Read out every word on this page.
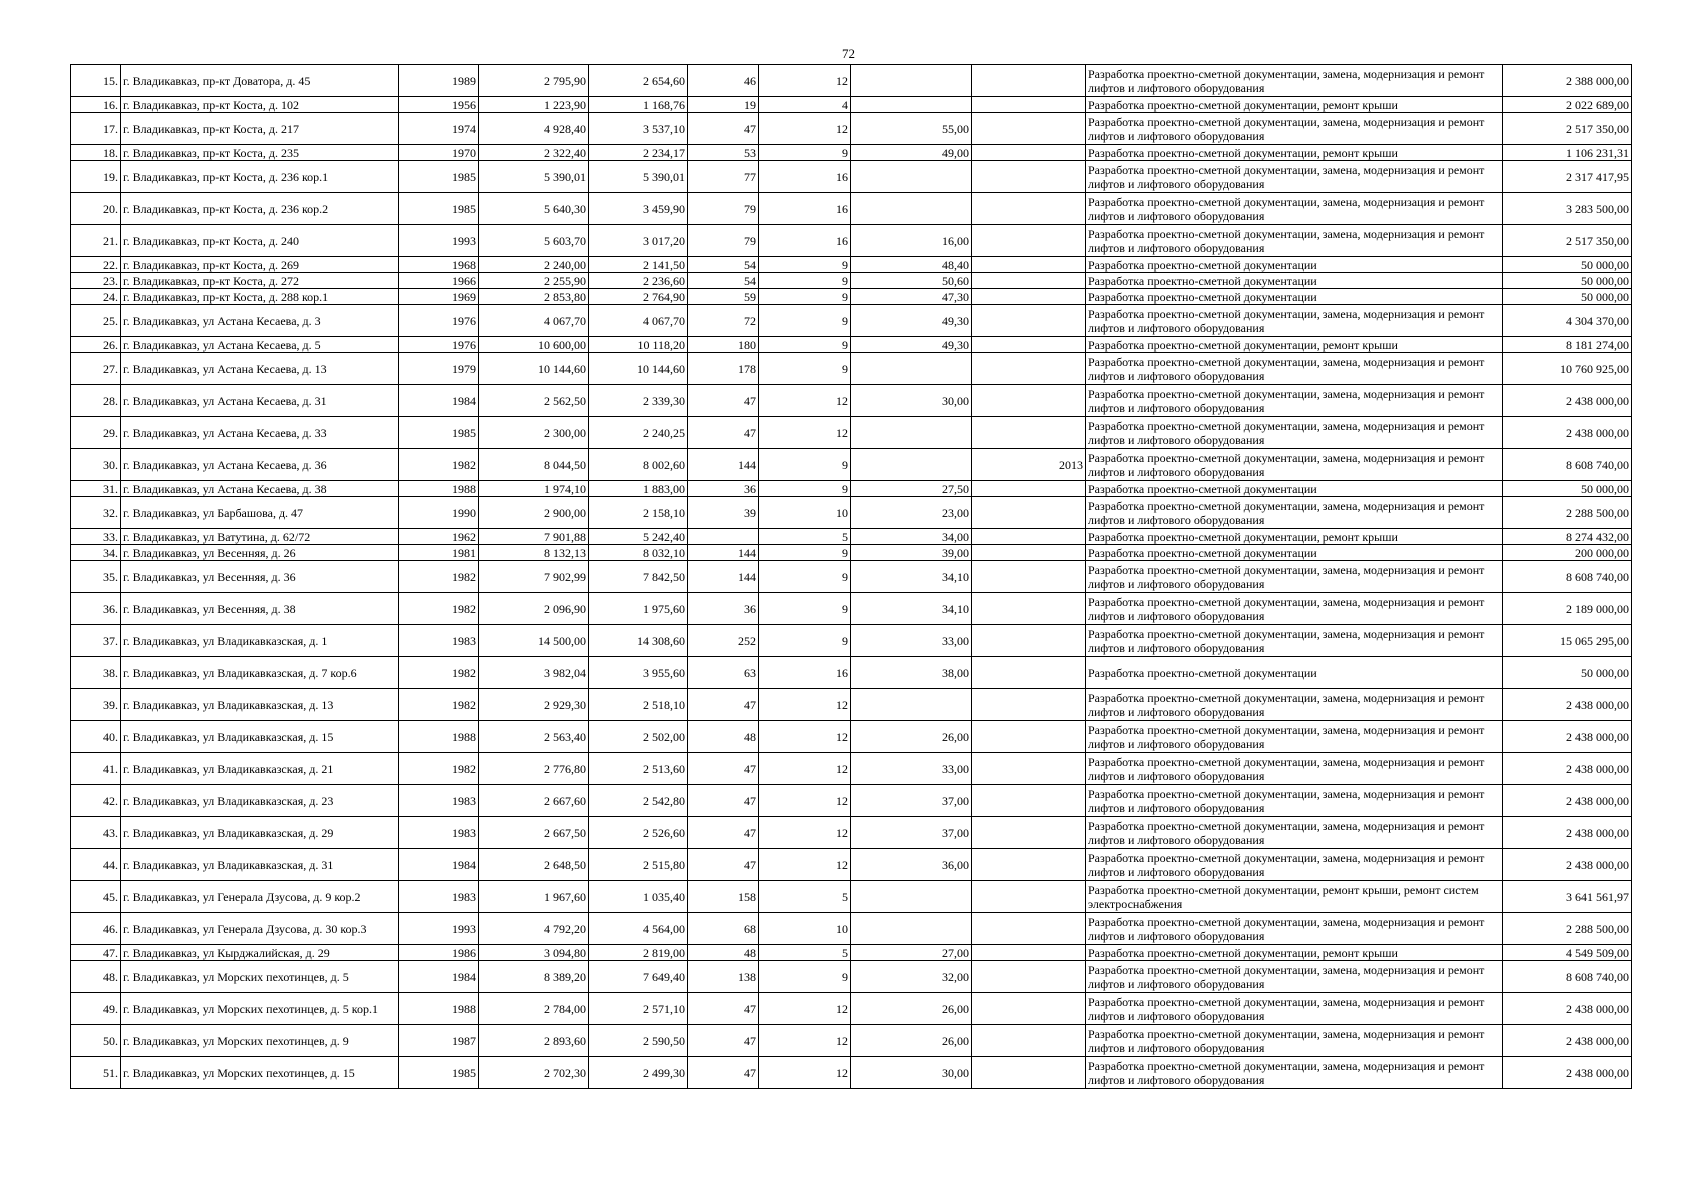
72
15.	г. Владикавказ, пр-кт Доватора, д. 45	1989	2 795,90	2 654,60	46	12			Разработка проектно-сметной документации, замена, модернизация и ремонт лифтов и лифтового оборудования	2 388 000,00
16.	г. Владикавказ, пр-кт Коста, д. 102	1956	1 223,90	1 168,76	19	4			Разработка проектно-сметной документации, ремонт крыши	2 022 689,00
17.	г. Владикавказ, пр-кт Коста, д. 217	1974	4 928,40	3 537,10	47	12	55,00		Разработка проектно-сметной документации, замена, модернизация и ремонт лифтов и лифтового оборудования	2 517 350,00
18.	г. Владикавказ, пр-кт Коста, д. 235	1970	2 322,40	2 234,17	53	9	49,00		Разработка проектно-сметной документации, ремонт крыши	1 106 231,31
19.	г. Владикавказ, пр-кт Коста, д. 236 кор.1	1985	5 390,01	5 390,01	77	16			Разработка проектно-сметной документации, замена, модернизация и ремонт лифтов и лифтового оборудования	2 317 417,95
20.	г. Владикавказ, пр-кт Коста, д. 236 кор.2	1985	5 640,30	3 459,90	79	16			Разработка проектно-сметной документации, замена, модернизация и ремонт лифтов и лифтового оборудования	3 283 500,00
21.	г. Владикавказ, пр-кт Коста, д. 240	1993	5 603,70	3 017,20	79	16	16,00		Разработка проектно-сметной документации, замена, модернизация и ремонт лифтов и лифтового оборудования	2 517 350,00
22.	г. Владикавказ, пр-кт Коста, д. 269	1968	2 240,00	2 141,50	54	9	48,40		Разработка проектно-сметной документации	50 000,00
23.	г. Владикавказ, пр-кт Коста, д. 272	1966	2 255,90	2 236,60	54	9	50,60		Разработка проектно-сметной документации	50 000,00
24.	г. Владикавказ, пр-кт Коста, д. 288 кор.1	1969	2 853,80	2 764,90	59	9	47,30		Разработка проектно-сметной документации	50 000,00
25.	г. Владикавказ, ул Астана Кесаева, д. 3	1976	4 067,70	4 067,70	72	9	49,30		Разработка проектно-сметной документации, замена, модернизация и ремонт лифтов и лифтового оборудования	4 304 370,00
26.	г. Владикавказ, ул Астана Кесаева, д. 5	1976	10 600,00	10 118,20	180	9	49,30		Разработка проектно-сметной документации, ремонт крыши	8 181 274,00
27.	г. Владикавказ, ул Астана Кесаева, д. 13	1979	10 144,60	10 144,60	178	9			Разработка проектно-сметной документации, замена, модернизация и ремонт лифтов и лифтового оборудования	10 760 925,00
28.	г. Владикавказ, ул Астана Кесаева, д. 31	1984	2 562,50	2 339,30	47	12	30,00		Разработка проектно-сметной документации, замена, модернизация и ремонт лифтов и лифтового оборудования	2 438 000,00
29.	г. Владикавказ, ул Астана Кесаева, д. 33	1985	2 300,00	2 240,25	47	12			Разработка проектно-сметной документации, замена, модернизация и ремонт лифтов и лифтового оборудования	2 438 000,00
30.	г. Владикавказ, ул Астана Кесаева, д. 36	1982	8 044,50	8 002,60	144	9		2013	Разработка проектно-сметной документации, замена, модернизация и ремонт лифтов и лифтового оборудования	8 608 740,00
31.	г. Владикавказ, ул Астана Кесаева, д. 38	1988	1 974,10	1 883,00	36	9	27,50		Разработка проектно-сметной документации	50 000,00
32.	г. Владикавказ, ул Барбашова, д. 47	1990	2 900,00	2 158,10	39	10	23,00		Разработка проектно-сметной документации, замена, модернизация и ремонт лифтов и лифтового оборудования	2 288 500,00
33.	г. Владикавказ, ул Ватутина, д. 62/72	1962	7 901,88	5 242,40		5	34,00		Разработка проектно-сметной документации, ремонт крыши	8 274 432,00
34.	г. Владикавказ, ул Весенняя, д. 26	1981	8 132,13	8 032,10	144	9	39,00		Разработка проектно-сметной документации	200 000,00
35.	г. Владикавказ, ул Весенняя, д. 36	1982	7 902,99	7 842,50	144	9	34,10		Разработка проектно-сметной документации, замена, модернизация и ремонт лифтов и лифтового оборудования	8 608 740,00
36.	г. Владикавказ, ул Весенняя, д. 38	1982	2 096,90	1 975,60	36	9	34,10		Разработка проектно-сметной документации, замена, модернизация и ремонт лифтов и лифтового оборудования	2 189 000,00
37.	г. Владикавказ, ул Владикавказская, д. 1	1983	14 500,00	14 308,60	252	9	33,00		Разработка проектно-сметной документации, замена, модернизация и ремонт лифтов и лифтового оборудования	15 065 295,00
38.	г. Владикавказ, ул Владикавказская, д. 7 кор.6	1982	3 982,04	3 955,60	63	16	38,00		Разработка проектно-сметной документации	50 000,00
39.	г. Владикавказ, ул Владикавказская, д. 13	1982	2 929,30	2 518,10	47	12			Разработка проектно-сметной документации, замена, модернизация и ремонт лифтов и лифтового оборудования	2 438 000,00
40.	г. Владикавказ, ул Владикавказская, д. 15	1988	2 563,40	2 502,00	48	12	26,00		Разработка проектно-сметной документации, замена, модернизация и ремонт лифтов и лифтового оборудования	2 438 000,00
41.	г. Владикавказ, ул Владикавказская, д. 21	1982	2 776,80	2 513,60	47	12	33,00		Разработка проектно-сметной документации, замена, модернизация и ремонт лифтов и лифтового оборудования	2 438 000,00
42.	г. Владикавказ, ул Владикавказская, д. 23	1983	2 667,60	2 542,80	47	12	37,00		Разработка проектно-сметной документации, замена, модернизация и ремонт лифтов и лифтового оборудования	2 438 000,00
43.	г. Владикавказ, ул Владикавказская, д. 29	1983	2 667,50	2 526,60	47	12	37,00		Разработка проектно-сметной документации, замена, модернизация и ремонт лифтов и лифтового оборудования	2 438 000,00
44.	г. Владикавказ, ул Владикавказская, д. 31	1984	2 648,50	2 515,80	47	12	36,00		Разработка проектно-сметной документации, замена, модернизация и ремонт лифтов и лифтового оборудования	2 438 000,00
45.	г. Владикавказ, ул Генерала Дзусова, д. 9 кор.2	1983	1 967,60	1 035,40	158	5			Разработка проектно-сметной документации, ремонт крыши, ремонт систем электроснабжения	3 641 561,97
46.	г. Владикавказ, ул Генерала Дзусова, д. 30 кор.3	1993	4 792,20	4 564,00	68	10			Разработка проектно-сметной документации, замена, модернизация и ремонт лифтов и лифтового оборудования	2 288 500,00
47.	г. Владикавказ, ул Кырджалийская, д. 29	1986	3 094,80	2 819,00	48	5	27,00		Разработка проектно-сметной документации, ремонт крыши	4 549 509,00
48.	г. Владикавказ, ул Морских пехотинцев, д. 5	1984	8 389,20	7 649,40	138	9	32,00		Разработка проектно-сметной документации, замена, модернизация и ремонт лифтов и лифтового оборудования	8 608 740,00
49.	г. Владикавказ, ул Морских пехотинцев, д. 5 кор.1	1988	2 784,00	2 571,10	47	12	26,00		Разработка проектно-сметной документации, замена, модернизация и ремонт лифтов и лифтового оборудования	2 438 000,00
50.	г. Владикавказ, ул Морских пехотинцев, д. 9	1987	2 893,60	2 590,50	47	12	26,00		Разработка проектно-сметной документации, замена, модернизация и ремонт лифтов и лифтового оборудования	2 438 000,00
51.	г. Владикавказ, ул Морских пехотинцев, д. 15	1985	2 702,30	2 499,30	47	12	30,00		Разработка проектно-сметной документации, замена, модернизация и ремонт лифтов и лифтового оборудования	2 438 000,00
